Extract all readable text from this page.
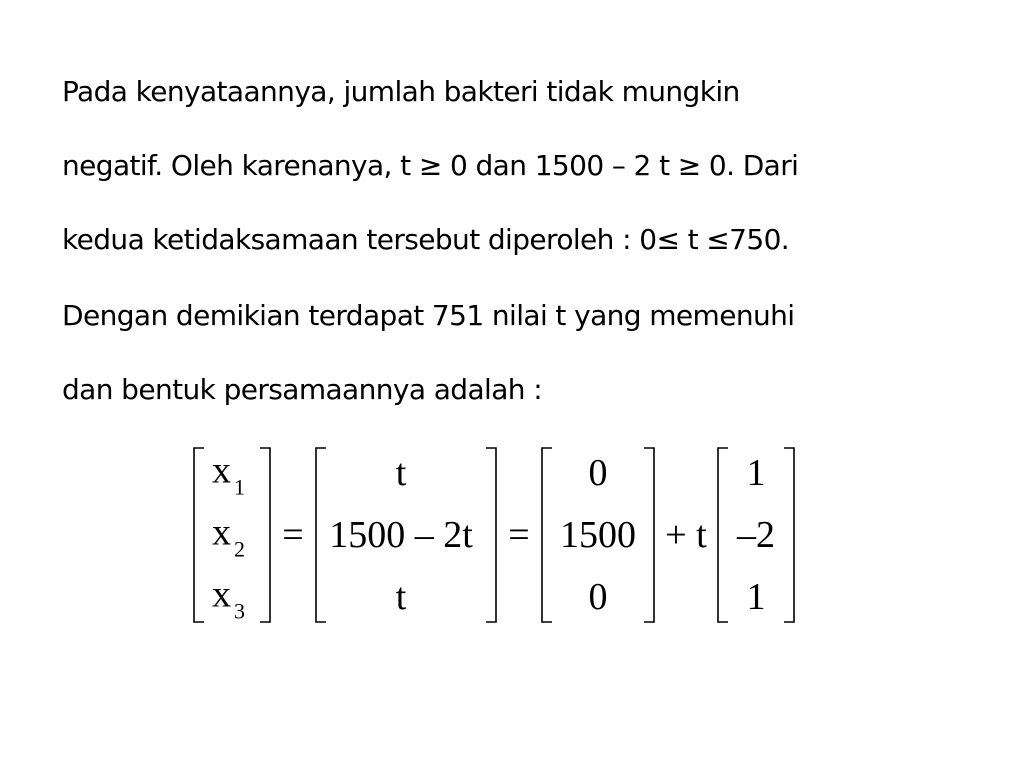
Pada kenyataannya, jumlah bakteri tidak mungkin
negatif. Oleh karenanya, t ≥ 0 dan 1500 – 2 t ≥ 0. Dari
kedua ketidaksamaan tersebut diperoleh : 0≤ t ≤750.

Dengan demikian terdapat 751 nilai t yang memenuhi
dan bentuk persamaannya adalah :

x $_1$
x $_2$
x $_3$
=
t
1500 – 2t
t
=
0
1500
0
+ t
1
–2
1
